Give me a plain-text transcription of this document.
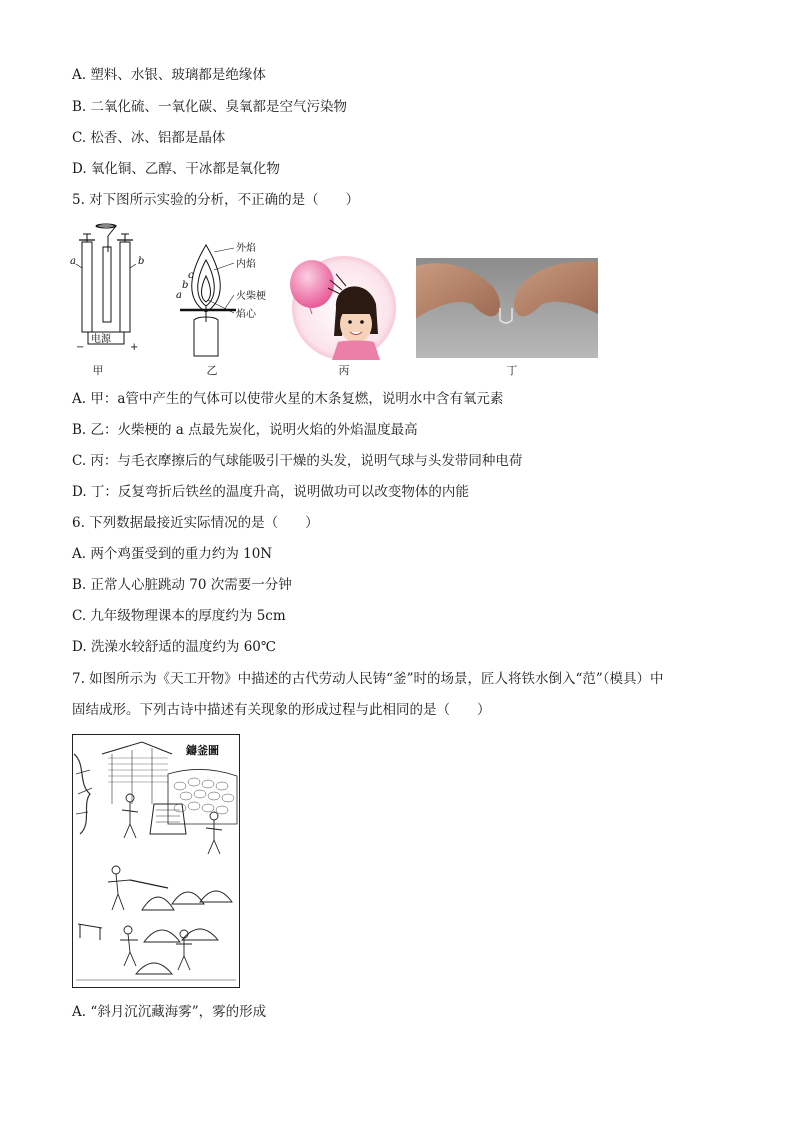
A. 塑料、水银、玻璃都是绝缘体
B. 二氧化硫、一氧化碳、臭氧都是空气污染物
C. 松香、冰、铝都是晶体
D. 氧化铜、乙醇、干冰都是氧化物
5. 对下图所示实验的分析，不正确的是（　　）
电源
−	+
a	b
甲
a
b
c
外焰
内焰
火柴梗
焰心
乙	丙	丁
A. 甲：a管中产生的气体可以使带火星的木条复燃，说明水中含有氧元素
B. 乙：火柴梗的 a 点最先炭化，说明火焰的外焰温度最高
C. 丙：与毛衣摩擦后的气球能吸引干燥的头发，说明气球与头发带同种电荷
D. 丁：反复弯折后铁丝的温度升高，说明做功可以改变物体的内能
6. 下列数据最接近实际情况的是（　　）
A. 两个鸡蛋受到的重力约为 10N
B. 正常人心脏跳动 70 次需要一分钟
C. 九年级物理课本的厚度约为 5cm
D. 洗澡水较舒适的温度约为 60℃
7. 如图所示为《天工开物》中描述的古代劳动人民铸“釜”时的场景，匠人将铁水倒入“范”（模具）中
固结成形。下列古诗中描述有关现象的形成过程与此相同的是（　　）
鑄釜圖
A. “斜月沉沉藏海雾”，雾的形成
